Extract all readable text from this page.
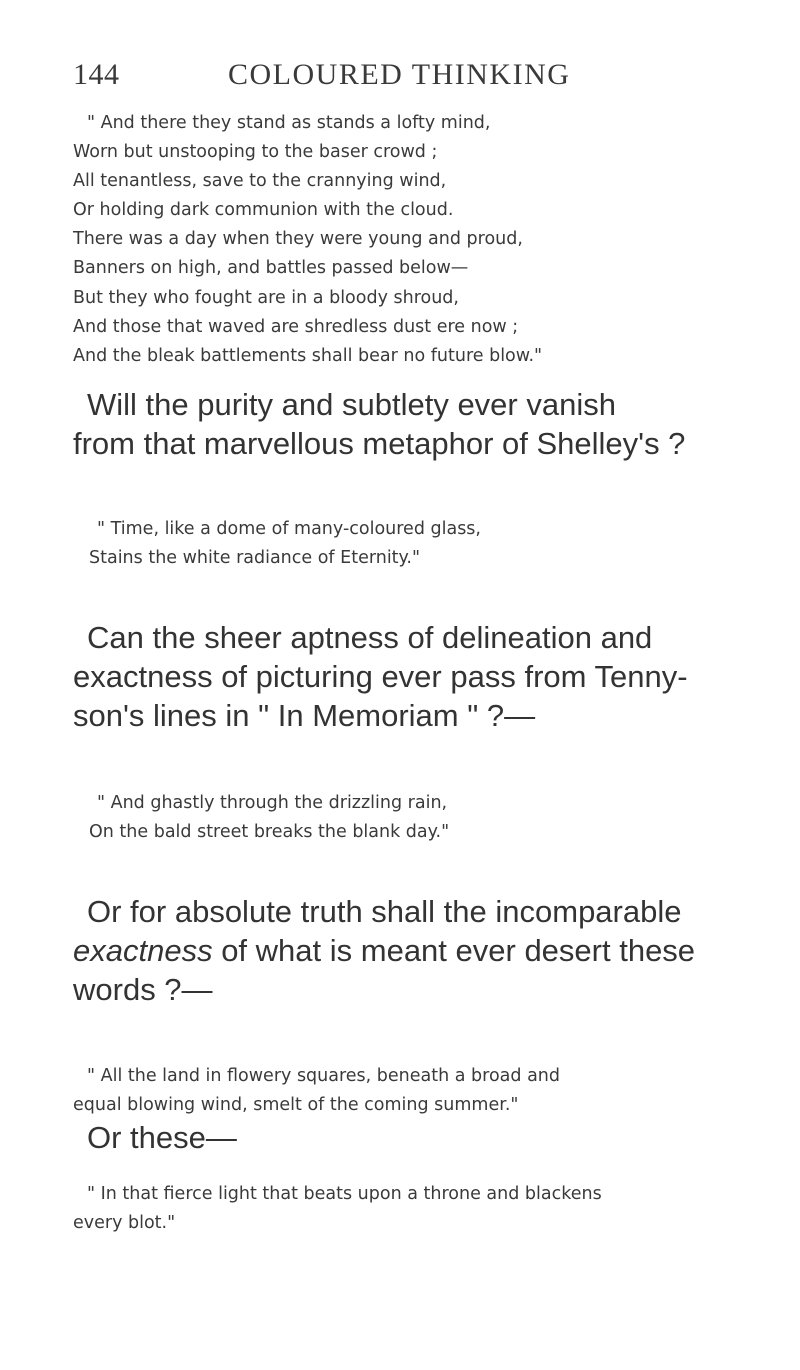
144	COLOURED THINKING
" And there they stand as stands a lofty mind,
Worn but unstooping to the baser crowd ;
All tenantless, save to the crannying wind,
Or holding dark communion with the cloud.
There was a day when they were young and proud,
Banners on high, and battles passed below—
But they who fought are in a bloody shroud,
And those that waved are shredless dust ere now ;
And the bleak battlements shall bear no future blow."

Will the purity and subtlety ever vanish

from that marvellous metaphor of Shelley's ?

" Time, like a dome of many-coloured glass,

Stains the white radiance of Eternity."

Can the sheer aptness of delineation and

exactness of picturing ever pass from Tenny-

son's lines in " In Memoriam " ?—

" And ghastly through the drizzling rain,

On the bald street breaks the blank day."

Or for absolute truth shall the incomparable

exactness of what is meant ever desert these

words ?—

" All the land in flowery squares, beneath a broad and

equal blowing wind, smelt of the coming summer."

Or these—

" In that fierce light that beats upon a throne and blackens

every blot."
